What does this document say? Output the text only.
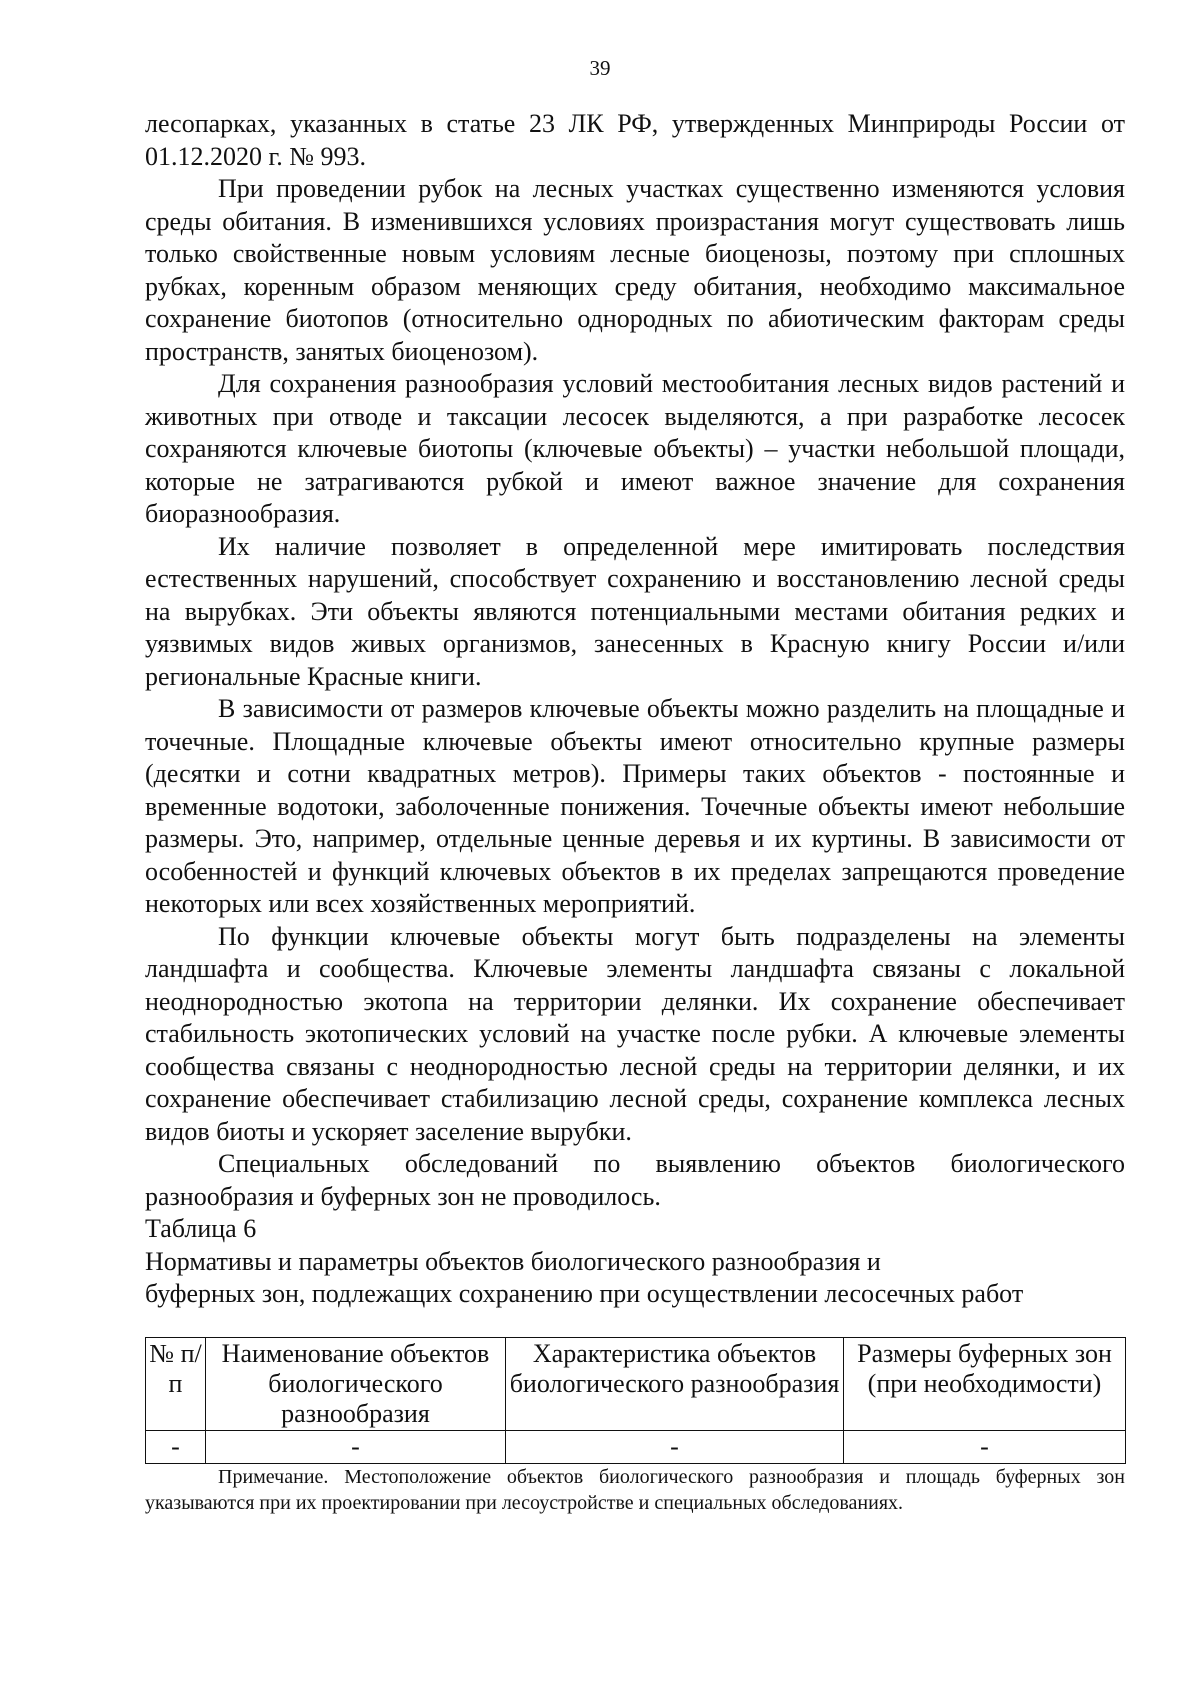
39

лесопарках, указанных в статье 23 ЛК РФ, утвержденных Минприроды России от 01.12.2020 г. № 993.

При проведении рубок на лесных участках существенно изменяются условия среды обитания. В изменившихся условиях произрастания могут существовать лишь только свойственные новым условиям лесные биоценозы, поэтому при сплошных рубках, коренным образом меняющих среду обитания, необходимо максимальное сохранение биотопов (относительно однородных по абиотическим факторам среды пространств, занятых биоценозом).

Для сохранения разнообразия условий местообитания лесных видов растений и животных при отводе и таксации лесосек выделяются, а при разработке лесосек сохраняются ключевые биотопы (ключевые объекты) – участки небольшой площади, которые не затрагиваются рубкой и имеют важное значение для сохранения биоразнообразия.

Их наличие позволяет в определенной мере имитировать последствия естественных нарушений, способствует сохранению и восстановлению лесной среды на вырубках. Эти объекты являются потенциальными местами обитания редких и уязвимых видов живых организмов, занесенных в Красную книгу России и/или региональные Красные книги.

В зависимости от размеров ключевые объекты можно разделить на площадные и точечные. Площадные ключевые объекты имеют относительно крупные размеры (десятки и сотни квадратных метров). Примеры таких объектов - постоянные и временные водотоки, заболоченные понижения. Точечные объекты имеют небольшие размеры. Это, например, отдельные ценные деревья и их куртины. В зависимости от особенностей и функций ключевых объектов в их пределах запрещаются проведение некоторых или всех хозяйственных мероприятий.

По функции ключевые объекты могут быть подразделены на элементы ландшафта и сообщества. Ключевые элементы ландшафта связаны с локальной неоднородностью экотопа на территории делянки. Их сохранение обеспечивает стабильность экотопических условий на участке после рубки. А ключевые элементы сообщества связаны с неоднородностью лесной среды на территории делянки, и их сохранение обеспечивает стабилизацию лесной среды, сохранение комплекса лесных видов биоты и ускоряет заселение вырубки.

Специальных обследований по выявлению объектов биологического разнообразия и буферных зон не проводилось.

Таблица 6

Нормативы и параметры объектов биологического разнообразия и
буферных зон, подлежащих сохранению при осуществлении лесосечных работ

№ п/п	Наименование объектов биологического разнообразия	Характеристика объектов биологического разнообразия	Размеры буферных зон (при необходимости)
-	-	-	-

Примечание. Местоположение объектов биологического разнообразия и площадь буферных зон указываются при их проектировании при лесоустройстве и специальных обследованиях.
